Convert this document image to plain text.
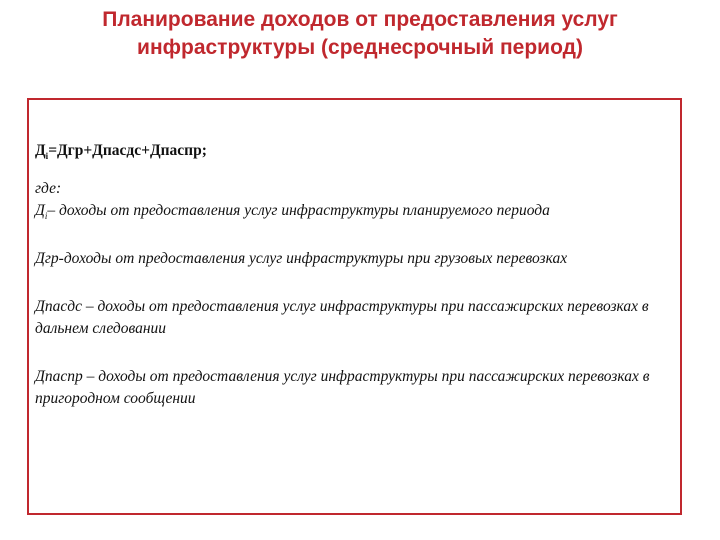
Планирование доходов от предоставления услуг инфраструктуры (среднесрочный период)
$Д_i=Дгр+Дпасдс+Дпаспр$;
где:
$Д_i-$ доходы от предоставления услуг инфраструктуры планируемого периода
Дгр-доходы от предоставления услуг инфраструктуры при грузовых перевозках
Дпасдс – доходы от предоставления услуг инфраструктуры при пассажирских перевозках в дальнем следовании
Дпаспр – доходы от предоставления услуг инфраструктуры при пассажирских перевозках в пригородном сообщении
